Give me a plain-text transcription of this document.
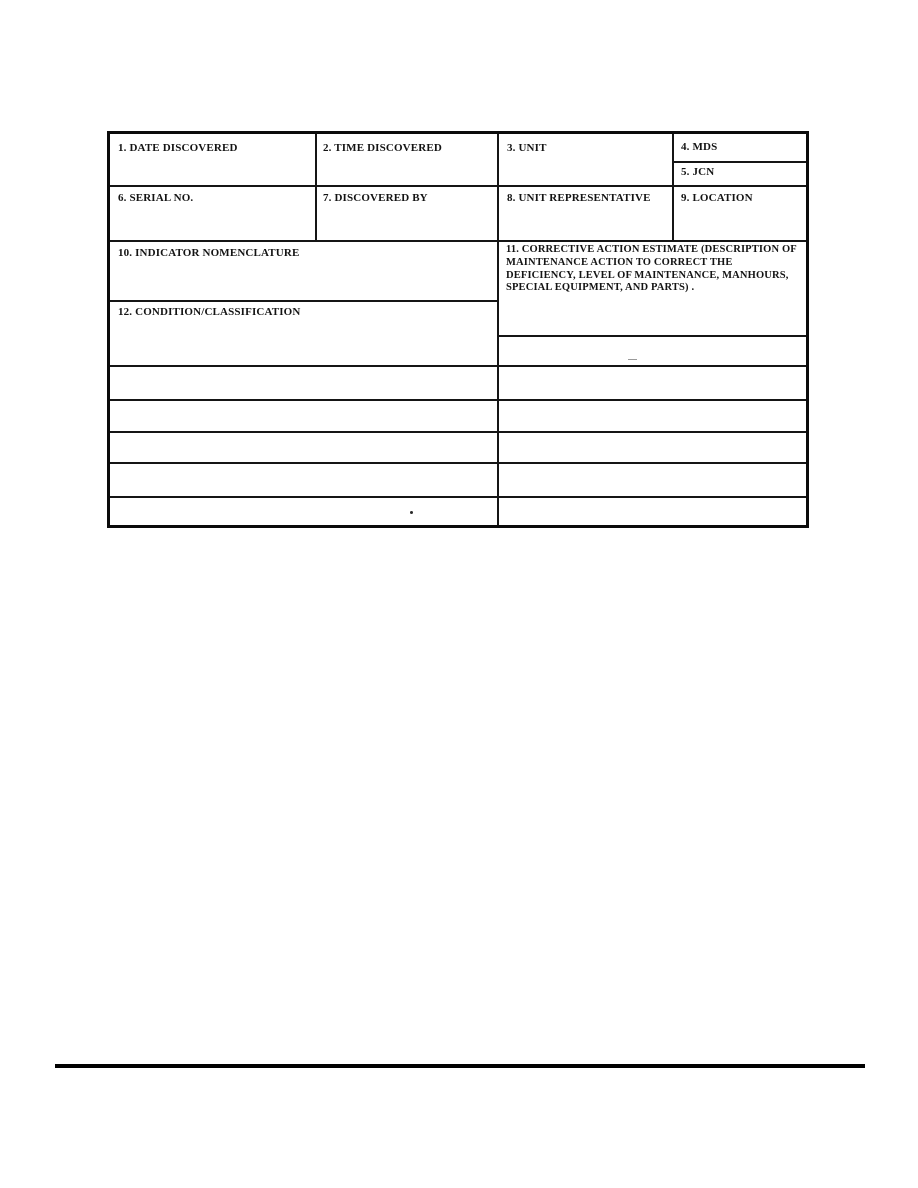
1. DATE DISCOVERED	2. TIME DISCOVERED	3. UNIT	4. MDS
5. JCN
6. SERIAL NO.	7. DISCOVERED BY	8. UNIT REPRESENTATIVE	9. LOCATION
10. INDICATOR NOMENCLATURE	11. CORRECTIVE ACTION ESTIMATE (DESCRIPTION OF MAINTENANCE ACTION TO CORRECT THE DEFICIENCY, LEVEL OF MAINTENANCE, MANHOURS, SPECIAL EQUIPMENT, AND PARTS) .
12. CONDITION/CLASSIFICATION
